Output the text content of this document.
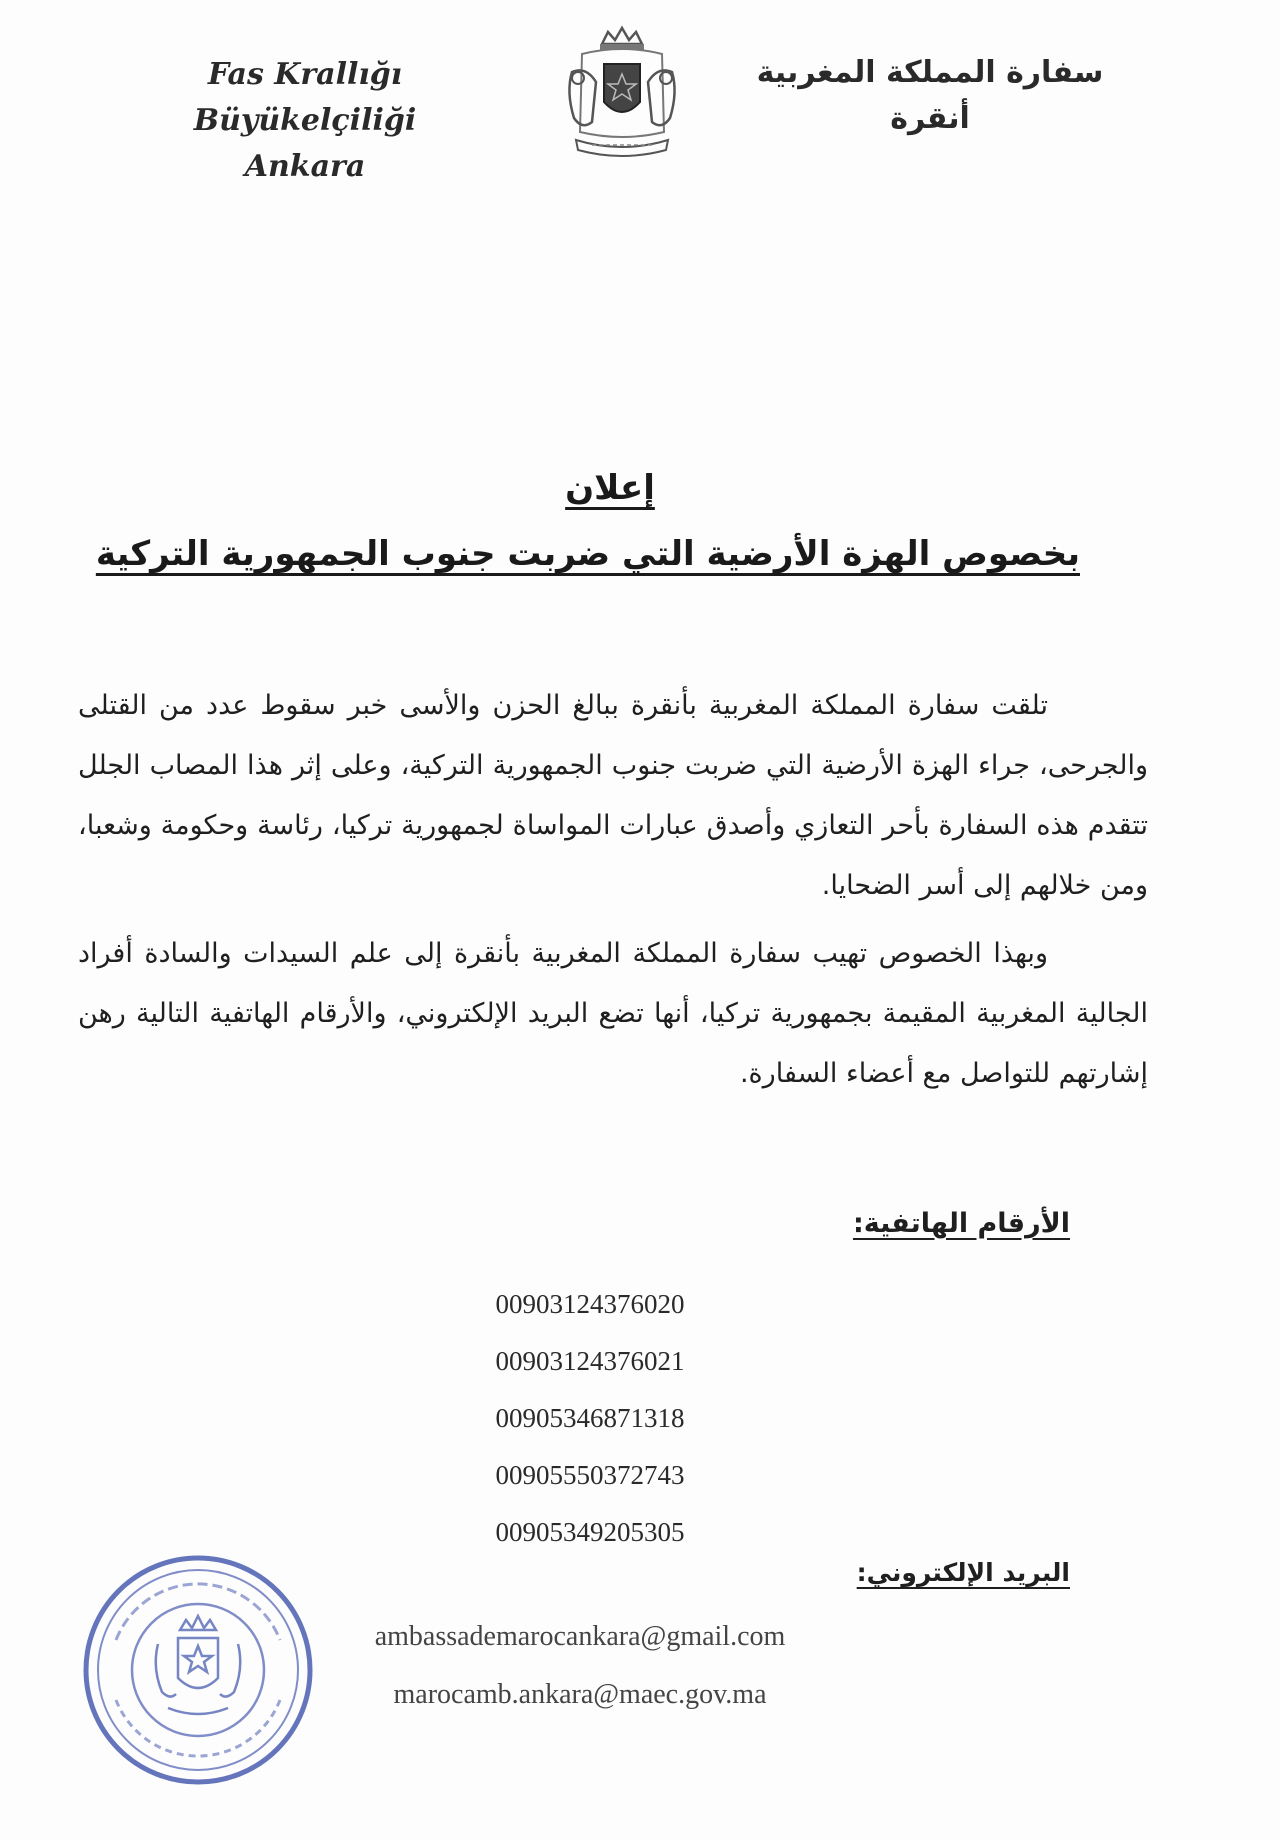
Fas Krallığı Büyükelçiliği
Ankara
سفارة المملكة المغربية
أنقرة
إعلان
بخصوص الهزة الأرضية التي ضربت جنوب الجمهورية التركية

تلقت سفارة المملكة المغربية بأنقرة ببالغ الحزن والأسى خبر سقوط عدد من القتلى والجرحى، جراء الهزة الأرضية التي ضربت جنوب الجمهورية التركية، وعلى إثر هذا المصاب الجلل تتقدم هذه السفارة بأحر التعازي وأصدق عبارات المواساة لجمهورية تركيا، رئاسة وحكومة وشعبا، ومن خلالهم إلى أسر الضحايا.

وبهذا الخصوص تهيب سفارة المملكة المغربية بأنقرة إلى علم السيدات والسادة أفراد الجالية المغربية المقيمة بجمهورية تركيا، أنها تضع البريد الإلكتروني، والأرقام الهاتفية التالية رهن إشارتهم للتواصل مع أعضاء السفارة.

الأرقام الهاتفية:
00903124376020
00903124376021
00905346871318
00905550372743
00905349205305
البريد الإلكتروني:
ambassademarocankara@gmail.com
marocamb.ankara@maec.gov.ma
